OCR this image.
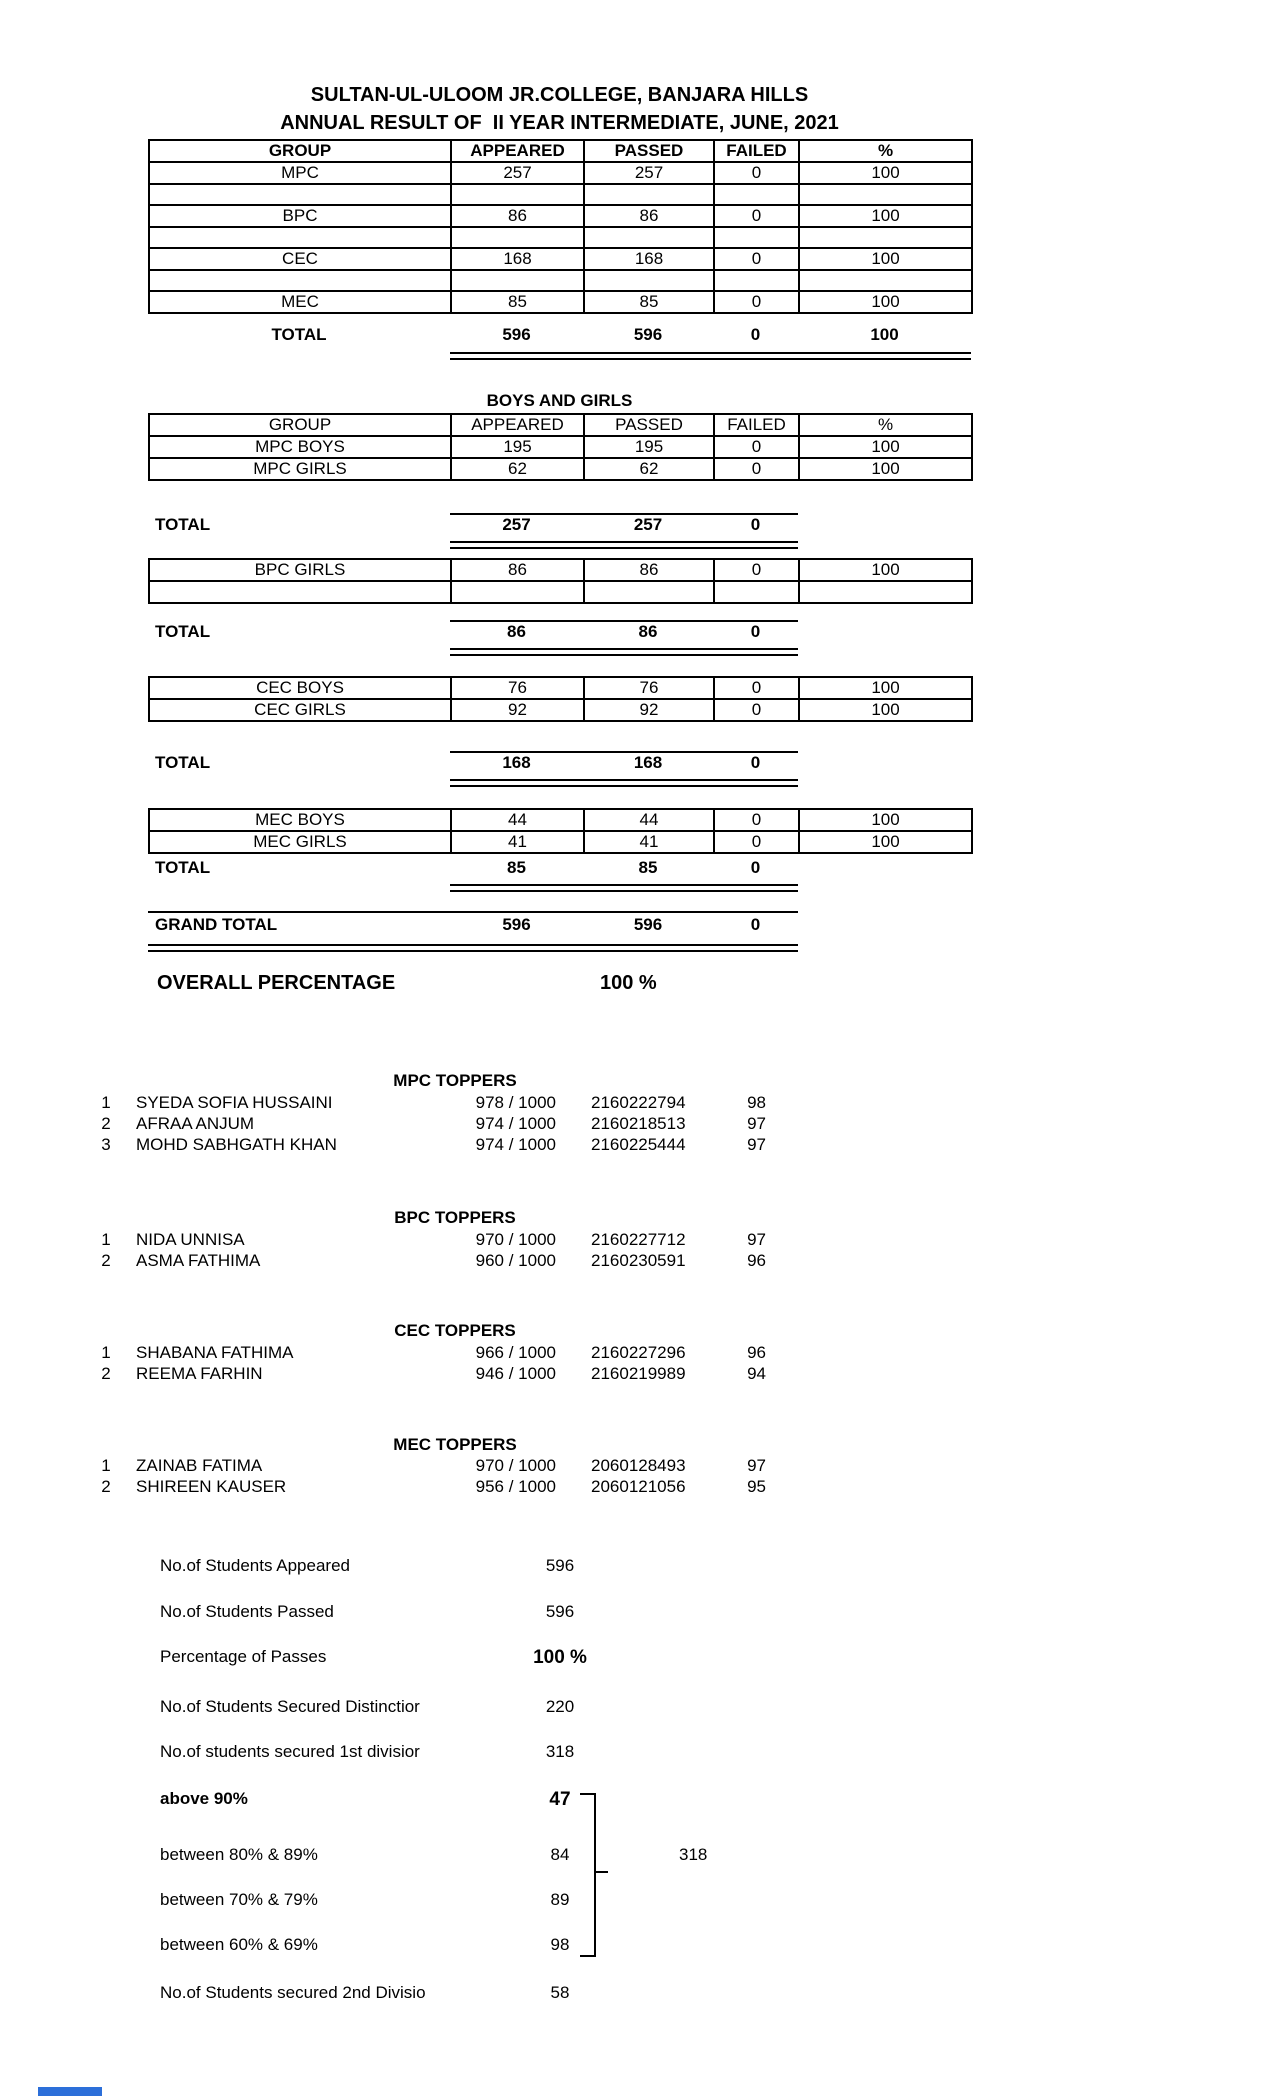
SULTAN-UL-ULOOM JR.COLLEGE, BANJARA HILLS
ANNUAL RESULT OF  II YEAR INTERMEDIATE, JUNE, 2021
GROUP	APPEARED	PASSED	FAILED	%
MPC	257	257	0	100

BPC	86	86	0	100

CEC	168	168	0	100

MEC	85	85	0	100
TOTAL	596	596	0	100
BOYS AND GIRLS
GROUP	APPEARED	PASSED	FAILED	%
MPC BOYS	195	195	0	100
MPC GIRLS	62	62	0	100
TOTAL	257	257	0
BPC GIRLS	86	86	0	100

TOTAL	86	86	0
CEC BOYS	76	76	0	100
CEC GIRLS	92	92	0	100
TOTAL	168	168	0
MEC BOYS	44	44	0	100
MEC GIRLS	41	41	0	100
TOTAL	85	85	0
GRAND TOTAL	596	596	0
OVERALL PERCENTAGE	100 %
MPC TOPPERS
1	SYEDA SOFIA HUSSAINI	978 / 1000 2160222794	98
2	AFRAA ANJUM	974 / 1000 2160218513	97
3	MOHD SABHGATH KHAN	974 / 1000 2160225444	97
BPC TOPPERS
1	NIDA UNNISA	970 / 1000 2160227712	97
2	ASMA FATHIMA	960 / 1000 2160230591	96
CEC TOPPERS
1	SHABANA FATHIMA	966 / 1000 2160227296	96
2	REEMA FARHIN	946 / 1000 2160219989	94
MEC TOPPERS
1	ZAINAB FATIMA	970 / 1000 2060128493	97
2	SHIREEN KAUSER	956 / 1000 2060121056	95
No.of Students Appeared	596
No.of Students Passed	596
Percentage of Passes	100 %
No.of Students Secured Distinctior	220
No.of students secured 1st divisior	318
above 90%	47
between 80% & 89%	84
between 70% & 79%	89
between 60% & 69%	98
No.of Students secured 2nd Divisio	58
318
